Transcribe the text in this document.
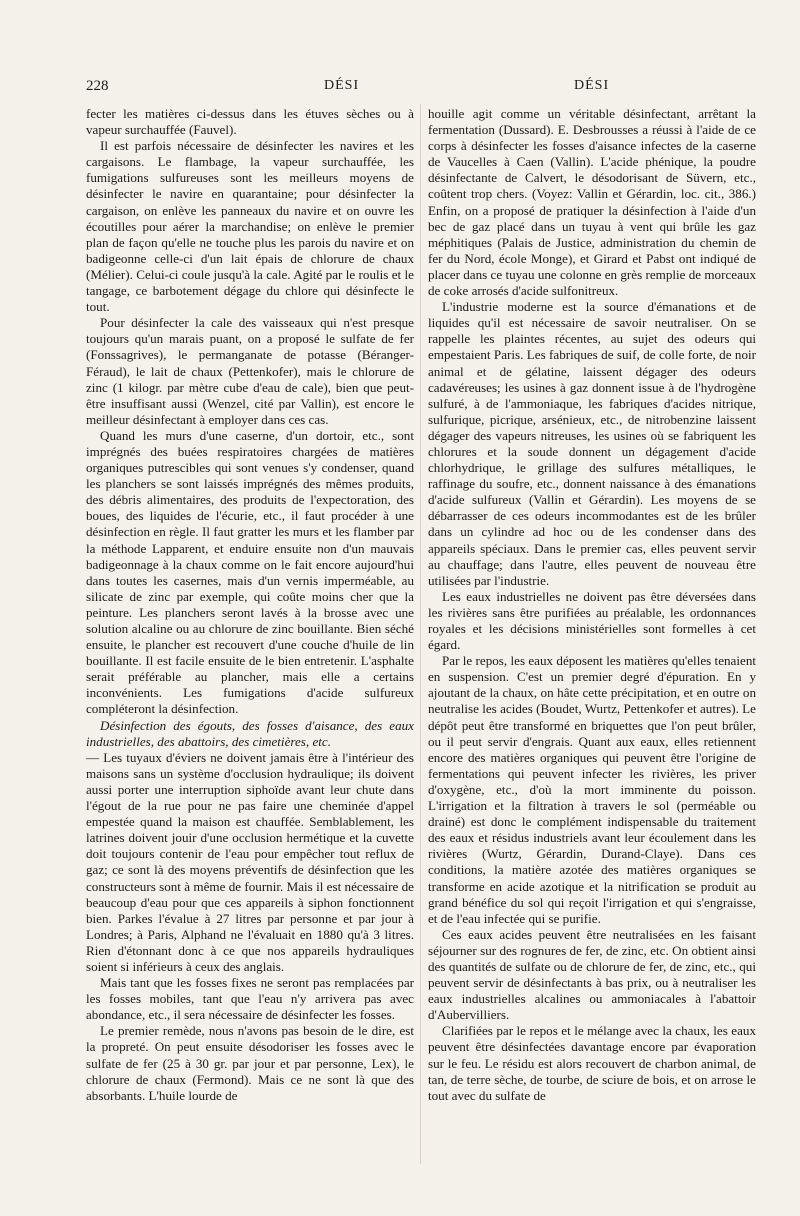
228	DÉSI	DÉSI

fecter les matières ci-dessus dans les étuves sèches ou à vapeur surchauffée (Fauvel).

Il est parfois nécessaire de désinfecter les navires et les cargaisons. Le flambage, la vapeur surchauffée, les fumigations sulfureuses sont les meilleurs moyens de désinfecter le navire en quarantaine; pour désinfecter la cargaison, on enlève les panneaux du navire et on ouvre les écoutilles pour aérer la marchandise; on enlève le premier plan de façon qu'elle ne touche plus les parois du navire et on badigeonne celle-ci d'un lait épais de chlorure de chaux (Mélier). Celui-ci coule jusqu'à la cale. Agité par le roulis et le tangage, ce barbotement dégage du chlore qui désinfecte le tout.

Pour désinfecter la cale des vaisseaux qui n'est presque toujours qu'un marais puant, on a proposé le sulfate de fer (Fonssagrives), le permanganate de potasse (Béranger-Féraud), le lait de chaux (Pettenkofer), mais le chlorure de zinc (1 kilogr. par mètre cube d'eau de cale), bien que peut-être insuffisant aussi (Wenzel, cité par Vallin), est encore le meilleur désinfectant à employer dans ces cas.

Quand les murs d'une caserne, d'un dortoir, etc., sont imprégnés des buées respiratoires chargées de matières organiques putrescibles qui sont venues s'y condenser, quand les planchers se sont laissés imprégnés des mêmes produits, des débris alimentaires, des produits de l'expectoration, des boues, des liquides de l'écurie, etc., il faut procéder à une désinfection en règle. Il faut gratter les murs et les flamber par la méthode Lapparent, et enduire ensuite non d'un mauvais badigeonnage à la chaux comme on le fait encore aujourd'hui dans toutes les casernes, mais d'un vernis imperméable, au silicate de zinc par exemple, qui coûte moins cher que la peinture. Les planchers seront lavés à la brosse avec une solution alcaline ou au chlorure de zinc bouillante. Bien séché ensuite, le plancher est recouvert d'une couche d'huile de lin bouillante. Il est facile ensuite de le bien entretenir. L'asphalte serait préférable au plancher, mais elle a certains inconvénients. Les fumigations d'acide sulfureux compléteront la désinfection.

Désinfection des égouts, des fosses d'aisance, des eaux industrielles, des abattoirs, des cimetières, etc.

— Les tuyaux d'éviers ne doivent jamais être à l'intérieur des maisons sans un système d'occlusion hydraulique; ils doivent aussi porter une interruption siphoïde avant leur chute dans l'égout de la rue pour ne pas faire une cheminée d'appel empestée quand la maison est chauffée. Semblablement, les latrines doivent jouir d'une occlusion hermétique et la cuvette doit toujours contenir de l'eau pour empêcher tout reflux de gaz; ce sont là des moyens préventifs de désinfection que les constructeurs sont à même de fournir. Mais il est nécessaire de beaucoup d'eau pour que ces appareils à siphon fonctionnent bien. Parkes l'évalue à 27 litres par personne et par jour à Londres; à Paris, Alphand ne l'évaluait en 1880 qu'à 3 litres. Rien d'étonnant donc à ce que nos appareils hydrauliques soient si inférieurs à ceux des anglais.

Mais tant que les fosses fixes ne seront pas remplacées par les fosses mobiles, tant que l'eau n'y arrivera pas avec abondance, etc., il sera nécessaire de désinfecter les fosses.

Le premier remède, nous n'avons pas besoin de le dire, est la propreté. On peut ensuite désodoriser les fosses avec le sulfate de fer (25 à 30 gr. par jour et par personne, Lex), le chlorure de chaux (Fermond). Mais ce ne sont là que des absorbants. L'huile lourde de

houille agit comme un véritable désinfectant, arrêtant la fermentation (Dussard). E. Desbrousses a réussi à l'aide de ce corps à désinfecter les fosses d'aisance infectes de la caserne de Vaucelles à Caen (Vallin). L'acide phénique, la poudre désinfectante de Calvert, le désodorisant de Süvern, etc., coûtent trop chers. (Voyez: Vallin et Gérardin, loc. cit., 386.) Enfin, on a proposé de pratiquer la désinfection à l'aide d'un bec de gaz placé dans un tuyau à vent qui brûle les gaz méphitiques (Palais de Justice, administration du chemin de fer du Nord, école Monge), et Girard et Pabst ont indiqué de placer dans ce tuyau une colonne en grès remplie de morceaux de coke arrosés d'acide sulfonitreux.

L'industrie moderne est la source d'émanations et de liquides qu'il est nécessaire de savoir neutraliser. On se rappelle les plaintes récentes, au sujet des odeurs qui empestaient Paris. Les fabriques de suif, de colle forte, de noir animal et de gélatine, laissent dégager des odeurs cadavéreuses; les usines à gaz donnent issue à de l'hydrogène sulfuré, à de l'ammoniaque, les fabriques d'acides nitrique, sulfurique, picrique, arsénieux, etc., de nitrobenzine laissent dégager des vapeurs nitreuses, les usines où se fabriquent les chlorures et la soude donnent un dégagement d'acide chlorhydrique, le grillage des sulfures métalliques, le raffinage du soufre, etc., donnent naissance à des émanations d'acide sulfureux (Vallin et Gérardin). Les moyens de se débarrasser de ces odeurs incommodantes est de les brûler dans un cylindre ad hoc ou de les condenser dans des appareils spéciaux. Dans le premier cas, elles peuvent servir au chauffage; dans l'autre, elles peuvent de nouveau être utilisées par l'industrie.

Les eaux industrielles ne doivent pas être déversées dans les rivières sans être purifiées au préalable, les ordonnances royales et les décisions ministérielles sont formelles à cet égard.

Par le repos, les eaux déposent les matières qu'elles tenaient en suspension. C'est un premier degré d'épuration. En y ajoutant de la chaux, on hâte cette précipitation, et en outre on neutralise les acides (Boudet, Wurtz, Pettenkofer et autres). Le dépôt peut être transformé en briquettes que l'on peut brûler, ou il peut servir d'engrais. Quant aux eaux, elles retiennent encore des matières organiques qui peuvent être l'origine de fermentations qui peuvent infecter les rivières, les priver d'oxygène, etc., d'où la mort imminente du poisson. L'irrigation et la filtration à travers le sol (perméable ou drainé) est donc le complément indispensable du traitement des eaux et résidus industriels avant leur écoulement dans les rivières (Wurtz, Gérardin, Durand-Claye). Dans ces conditions, la matière azotée des matières organiques se transforme en acide azotique et la nitrification se produit au grand bénéfice du sol qui reçoit l'irrigation et qui s'engraisse, et de l'eau infectée qui se purifie.

Ces eaux acides peuvent être neutralisées en les faisant séjourner sur des rognures de fer, de zinc, etc. On obtient ainsi des quantités de sulfate ou de chlorure de fer, de zinc, etc., qui peuvent servir de désinfectants à bas prix, ou à neutraliser les eaux industrielles alcalines ou ammoniacales à l'abattoir d'Aubervilliers.

Clarifiées par le repos et le mélange avec la chaux, les eaux peuvent être désinfectées davantage encore par évaporation sur le feu. Le résidu est alors recouvert de charbon animal, de tan, de terre sèche, de tourbe, de sciure de bois, et on arrose le tout avec du sulfate de
